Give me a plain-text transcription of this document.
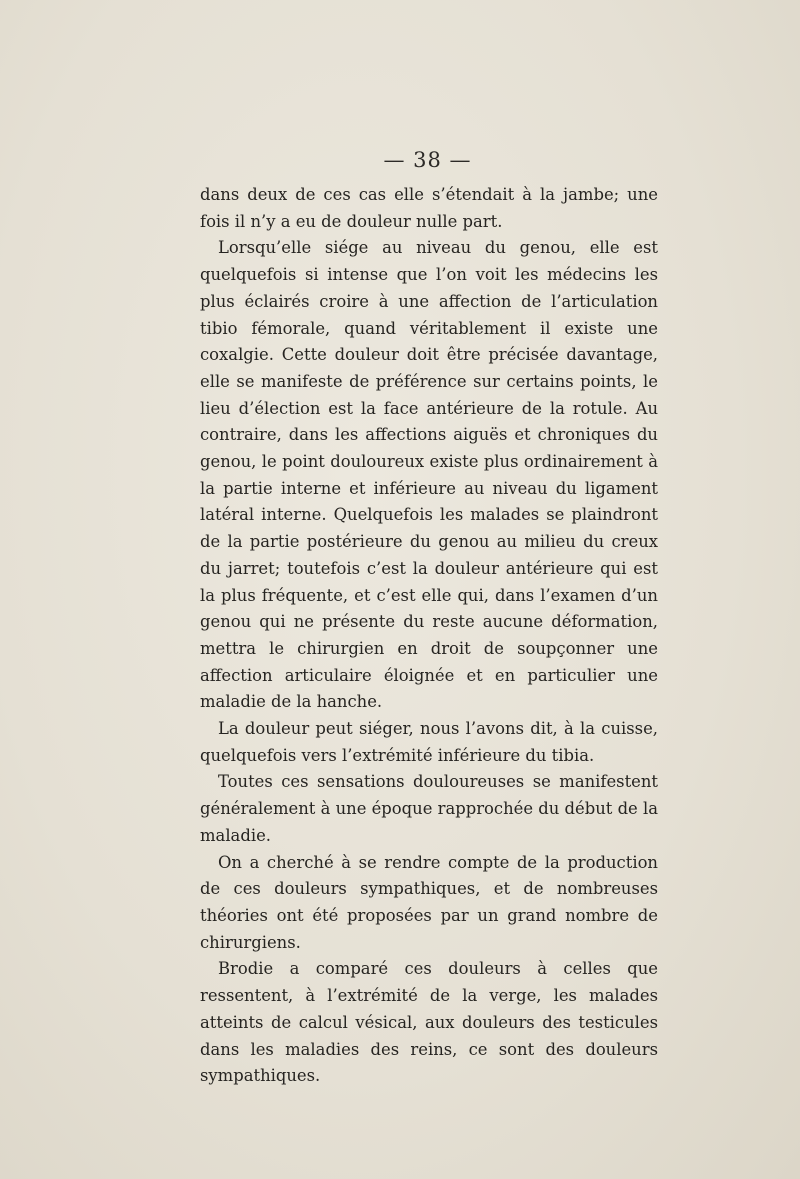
— 38 —

dans deux de ces cas elle s’étendait à la jambe; une fois il n’y a eu de douleur nulle part.

Lorsqu’elle siége au niveau du genou, elle est quelquefois si intense que l’on voit les médecins les plus éclairés croire à une affection de l’articulation tibio fémorale, quand véritablement il existe une coxalgie. Cette douleur doit être précisée davantage, elle se manifeste de préférence sur certains points, le lieu d’élection est la face antérieure de la rotule. Au contraire, dans les affections aiguës et chroniques du genou, le point douloureux existe plus ordinairement à la partie interne et inférieure au niveau du ligament latéral interne. Quelquefois les malades se plaindront de la partie postérieure du genou au milieu du creux du jarret; toutefois c’est la douleur antérieure qui est la plus fréquente, et c’est elle qui, dans l’examen d’un genou qui ne présente du reste aucune déformation, mettra le chirurgien en droit de soupçonner une affection articulaire éloignée et en particulier une maladie de la hanche.

La douleur peut siéger, nous l’avons dit, à la cuisse, quelquefois vers l’extrémité inférieure du tibia.

Toutes ces sensations douloureuses se manifestent généralement à une époque rapprochée du début de la maladie.

On a cherché à se rendre compte de la production de ces douleurs sympathiques, et de nombreuses théories ont été proposées par un grand nombre de chirurgiens.

Brodie a comparé ces douleurs à celles que ressentent, à l’extrémité de la verge, les malades atteints de calcul vésical, aux douleurs des testicules dans les maladies des reins, ce sont des douleurs sympathiques.
